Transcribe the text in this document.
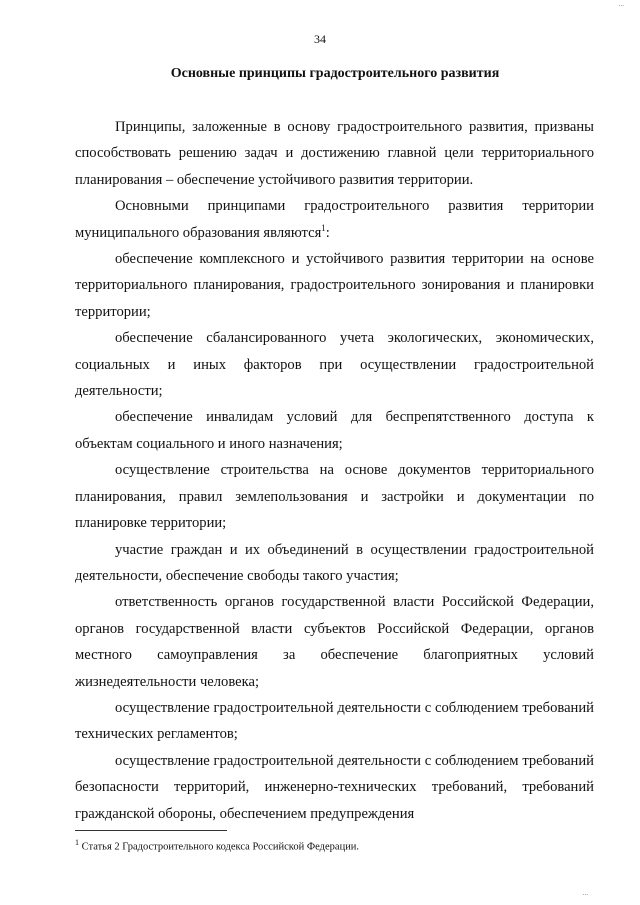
...
34
Основные принципы градостроительного развития

Принципы, заложенные в основу градостроительного развития, призваны способствовать решению задач и достижению главной цели территориального планирования – обеспечение устойчивого развития территории.

Основными принципами градостроительного развития территории муниципального образования являются$^1$:

обеспечение комплексного и устойчивого развития территории на основе территориального планирования, градостроительного зонирования и планировки территории;

обеспечение сбалансированного учета экологических, экономических, социальных и иных факторов при осуществлении градостроительной деятельности;

обеспечение инвалидам условий для беспрепятственного доступа к объектам социального и иного назначения;

осуществление строительства на основе документов территориального планирования, правил землепользования и застройки и документации по планировке территории;

участие граждан и их объединений в осуществлении градостроительной деятельности, обеспечение свободы такого участия;

ответственность органов государственной власти Российской Федерации, органов государственной власти субъектов Российской Федерации, органов местного самоуправления за обеспечение благоприятных условий жизнедеятельности человека;

осуществление градостроительной деятельности с соблюдением требований технических регламентов;

осуществление градостроительной деятельности с соблюдением требований безопасности территорий, инженерно-технических требований, требований гражданской обороны, обеспечением предупреждения

$^1$ Статья 2 Градостроительного кодекса Российской Федерации.
...
